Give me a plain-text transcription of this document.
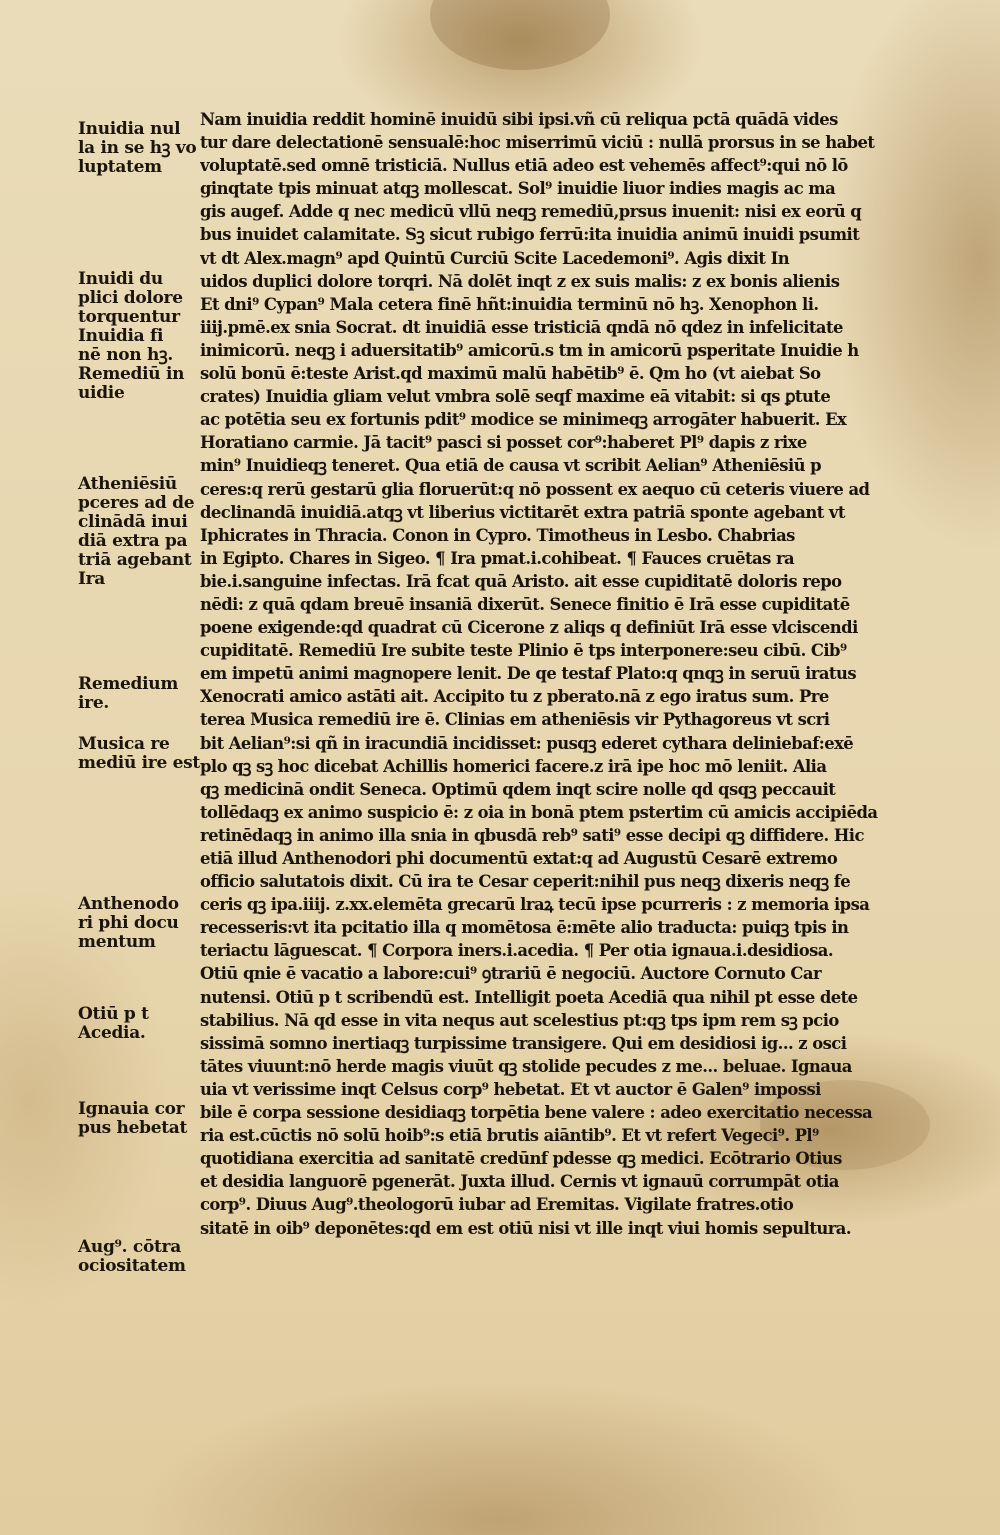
Inuidia nul
la in se hꝫ vo
luptatem
Inuidi du
plici dolore
torquentur
Inuidia fi
nē non hꝫ.
Remediū in
uidie
Atheniēsiū
pceres ad de
clinādā inui
diā extra pa
triā agebant
Ira
Remedium
ire.
Musica re
mediū ire est
Anthenodo
ri phi docu
mentum
Otiū p t
Acedia.
Ignauia cor
pus hebetat
Aug⁹. cōtra
ociositatem
Nam inuidia reddit hominē inuidū sibi ipsi.vñ cū reliqua pctā quādā vides
tur dare delectationē sensualē:hoc miserrimū viciū : nullā prorsus in se habet
voluptatē.sed omnē tristiciā. Nullus etiā adeo est vehemēs affect⁹:qui nō lō
ginqtate tpis minuat atqꝫ mollescat. Sol⁹ inuidie liuor indies magis ac ma
gis augef. Adde q nec medicū vllū neqꝫ remediū,prsus inuenit: nisi ex eorū q
bus inuidet calamitate. Sꝫ sicut rubigo ferrū:ita inuidia animū inuidi psumit
vt dt Alex.magn⁹ apd Quintū Curciū Scite Lacedemoni⁹. Agis dixit In
uidos duplici dolore torqri. Nā dolēt inqt z ex suis malis: z ex bonis alienis
Et dni⁹ Cypan⁹ Mala cetera finē hñt:inuidia terminū nō hꝫ. Xenophon li.
iiij.pmē.ex snia Socrat. dt inuidiā esse tristiciā qndā nō qdez in infelicitate
inimicorū. neqꝫ i aduersitatib⁹ amicorū.s tm in amicorū psperitate Inuidie h
solū bonū ē:teste Arist.qd maximū malū habētib⁹ ē. Qm ho (vt aiebat So
crates) Inuidia gliam velut vmbra solē seqf maxime eā vitabit: si qs ꝑtute
ac potētia seu ex fortunis pdit⁹ modice se minimeqꝫ arrogāter habuerit. Ex
Horatiano carmie. Jā tacit⁹ pasci si posset cor⁹:haberet Pl⁹ dapis z rixe
min⁹ Inuidieqꝫ teneret. Qua etiā de causa vt scribit Aelian⁹ Atheniēsiū p
ceres:q rerū gestarū glia floruerūt:q nō possent ex aequo cū ceteris viuere ad
declinandā inuidiā.atqꝫ vt liberius victitarēt extra patriā sponte agebant vt
Iphicrates in Thracia. Conon in Cypro. Timotheus in Lesbo. Chabrias
in Egipto. Chares in Sigeo. ¶ Ira pmat.i.cohibeat. ¶ Fauces cruētas ra
bie.i.sanguine infectas. Irā fcat quā Aristo. ait esse cupiditatē doloris repo
nēdi: z quā qdam breuē insaniā dixerūt. Senece finitio ē Irā esse cupiditatē
poene exigende:qd quadrat cū Cicerone z aliqs q definiūt Irā esse vlciscendi
cupiditatē. Remediū Ire subite teste Plinio ē tps interponere:seu cibū. Cib⁹
em impetū animi magnopere lenit. De qe testaf Plato:q qnqꝫ in seruū iratus
Xenocrati amico astāti ait. Accipito tu z pberato.nā z ego iratus sum. Pre
terea Musica remediū ire ē. Clinias em atheniēsis vir Pythagoreus vt scri
bit Aelian⁹:si qñ in iracundiā incidisset: pusqꝫ ederet cythara deliniebaf:exē
plo qꝫ sꝫ hoc dicebat Achillis homerici facere.z irā ipe hoc mō leniit. Alia
qꝫ medicinā ondit Seneca. Optimū qdem inqt scire nolle qd qsqꝫ peccauit
tollēdaqꝫ ex animo suspicio ē: z oia in bonā ptem pstertim cū amicis accipiēda
retinēdaqꝫ in animo illa snia in qbusdā reb⁹ sati⁹ esse decipi qꝫ diffidere. Hic
etiā illud Anthenodori phi documentū extat:q ad Augustū Cesarē extremo
officio salutatois dixit. Cū ira te Cesar ceperit:nihil pus neqꝫ dixeris neqꝫ fe
ceris qꝫ ipa.iiij. z.xx.elemēta grecarū lraꝝ tecū ipse pcurreris : z memoria ipsa
recesseris:vt ita pcitatio illa q momētosa ē:mēte alio traducta: puiqꝫ tpis in
teriactu lāguescat. ¶ Corpora iners.i.acedia. ¶ Per otia ignaua.i.desidiosa.
Otiū qnie ē vacatio a labore:cui⁹ ꝯtrariū ē negociū. Auctore Cornuto Car
nutensi. Otiū p t scribendū est. Intelligit poeta Acediā qua nihil pt esse dete
stabilius. Nā qd esse in vita nequs aut scelestius pt:qꝫ tps ipm rem sꝫ pcio
sissimā somno inertiaqꝫ turpissime transigere. Qui em desidiosi ig... z osci
tātes viuunt:nō herde magis viuūt qꝫ stolide pecudes z me... beluae. Ignaua
uia vt verissime inqt Celsus corp⁹ hebetat. Et vt auctor ē Galen⁹ impossi
bile ē corpa sessione desidiaqꝫ torpētia bene valere : adeo exercitatio necessa
ria est.cūctis nō solū hoib⁹:s etiā brutis aiāntib⁹. Et vt refert Vegeci⁹. Pl⁹
quotidiana exercitia ad sanitatē credūnf pdesse qꝫ medici. Ecōtrario Otius
et desidia languorē pgenerāt. Juxta illud. Cernis vt ignauū corrumpāt otia
corp⁹. Diuus Aug⁹.theologorū iubar ad Eremitas. Vigilate fratres.otio
sitatē in oib⁹ deponētes:qd em est otiū nisi vt ille inqt viui homis sepultura.
